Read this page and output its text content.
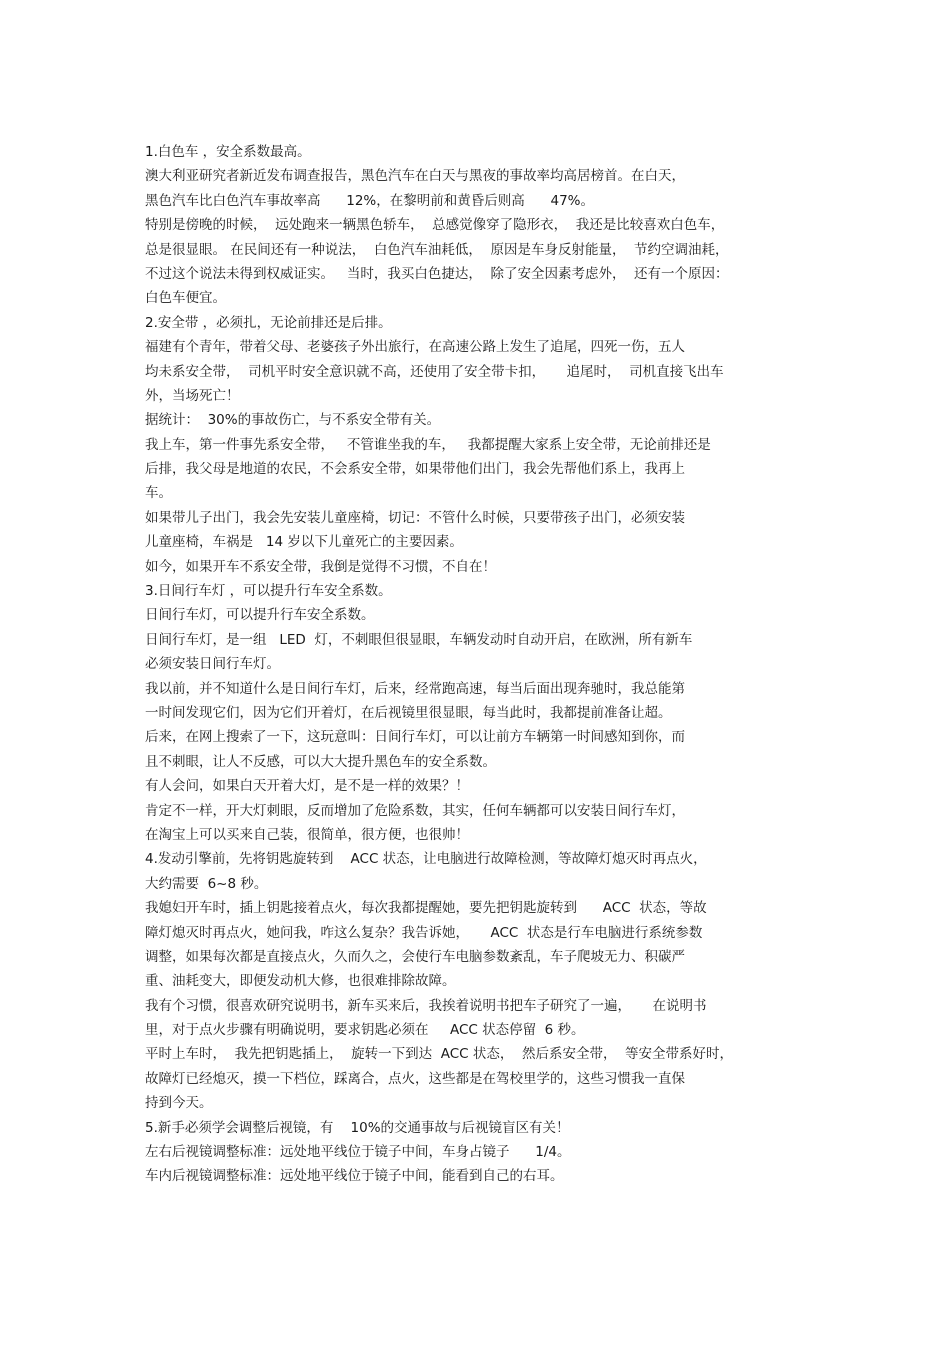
1.白色车 ，安全系数最高。
澳大利亚研究者新近发布调查报告，黑色汽车在白天与黑夜的事故率均高居榜首。在白天，
黑色汽车比白色汽车事故率高      12%，在黎明前和黄昏后则高      47%。
特别是傍晚的时候，  远处跑来一辆黑色轿车，  总感觉像穿了隐形衣，  我还是比较喜欢白色车，
总是很显眼。 在民间还有一种说法，  白色汽车油耗低，  原因是车身反射能量，  节约空调油耗，
不过这个说法未得到权威证实。   当时，我买白色捷达，  除了安全因素考虑外，  还有一个原因：
白色车便宜。
2.安全带 ，必须扎，无论前排还是后排。
福建有个青年，带着父母、老婆孩子外出旅行，在高速公路上发生了追尾，四死一伤，五人
均未系安全带，  司机平时安全意识就不高，还使用了安全带卡扣，     追尾时，  司机直接飞出车
外，当场死亡！
据统计：  30%的事故伤亡，与不系安全带有关。
我上车，第一件事先系安全带，   不管谁坐我的车，   我都提醒大家系上安全带，无论前排还是
后排，我父母是地道的农民，不会系安全带，如果带他们出门，我会先帮他们系上，我再上
车。
如果带儿子出门，我会先安装儿童座椅，切记：不管什么时候，只要带孩子出门，必须安装
儿童座椅，车祸是   14 岁以下儿童死亡的主要因素。
如今，如果开车不系安全带，我倒是觉得不习惯，不自在！
3.日间行车灯 ，可以提升行车安全系数。
日间行车灯，可以提升行车安全系数。
日间行车灯，是一组   LED  灯，不刺眼但很显眼，车辆发动时自动开启，在欧洲，所有新车
必须安装日间行车灯。
我以前，并不知道什么是日间行车灯，后来，经常跑高速，每当后面出现奔驰时，我总能第
一时间发现它们，因为它们开着灯，在后视镜里很显眼，每当此时，我都提前准备让超。
后来，在网上搜索了一下，这玩意叫：日间行车灯，可以让前方车辆第一时间感知到你，而
且不刺眼，让人不反感，可以大大提升黑色车的安全系数。
有人会问，如果白天开着大灯，是不是一样的效果？！
肯定不一样，开大灯刺眼，反而增加了危险系数，其实，任何车辆都可以安装日间行车灯，
在淘宝上可以买来自己装，很简单，很方便，也很帅！
4.发动引擎前，先将钥匙旋转到    ACC 状态，让电脑进行故障检测，等故障灯熄灭时再点火，
大约需要  6~8 秒。
我媳妇开车时，插上钥匙接着点火，每次我都提醒她，要先把钥匙旋转到      ACC  状态，等故
障灯熄灭时再点火，她问我，咋这么复杂？我告诉她，     ACC  状态是行车电脑进行系统参数
调整，如果每次都是直接点火，久而久之，会使行车电脑参数紊乱，车子爬坡无力、积碳严
重、油耗变大，即便发动机大修，也很难排除故障。
我有个习惯，很喜欢研究说明书，新车买来后，我挨着说明书把车子研究了一遍，     在说明书
里，对于点火步骤有明确说明，要求钥匙必须在     ACC 状态停留  6 秒。
平时上车时，  我先把钥匙插上，  旋转一下到达  ACC 状态，  然后系安全带，  等安全带系好时，
故障灯已经熄灭，摸一下档位，踩离合，点火，这些都是在驾校里学的，这些习惯我一直保
持到今天。
5.新手必须学会调整后视镜，有    10%的交通事故与后视镜盲区有关！
左右后视镜调整标准：远处地平线位于镜子中间，车身占镜子      1/4。
车内后视镜调整标准：远处地平线位于镜子中间，能看到自己的右耳。
